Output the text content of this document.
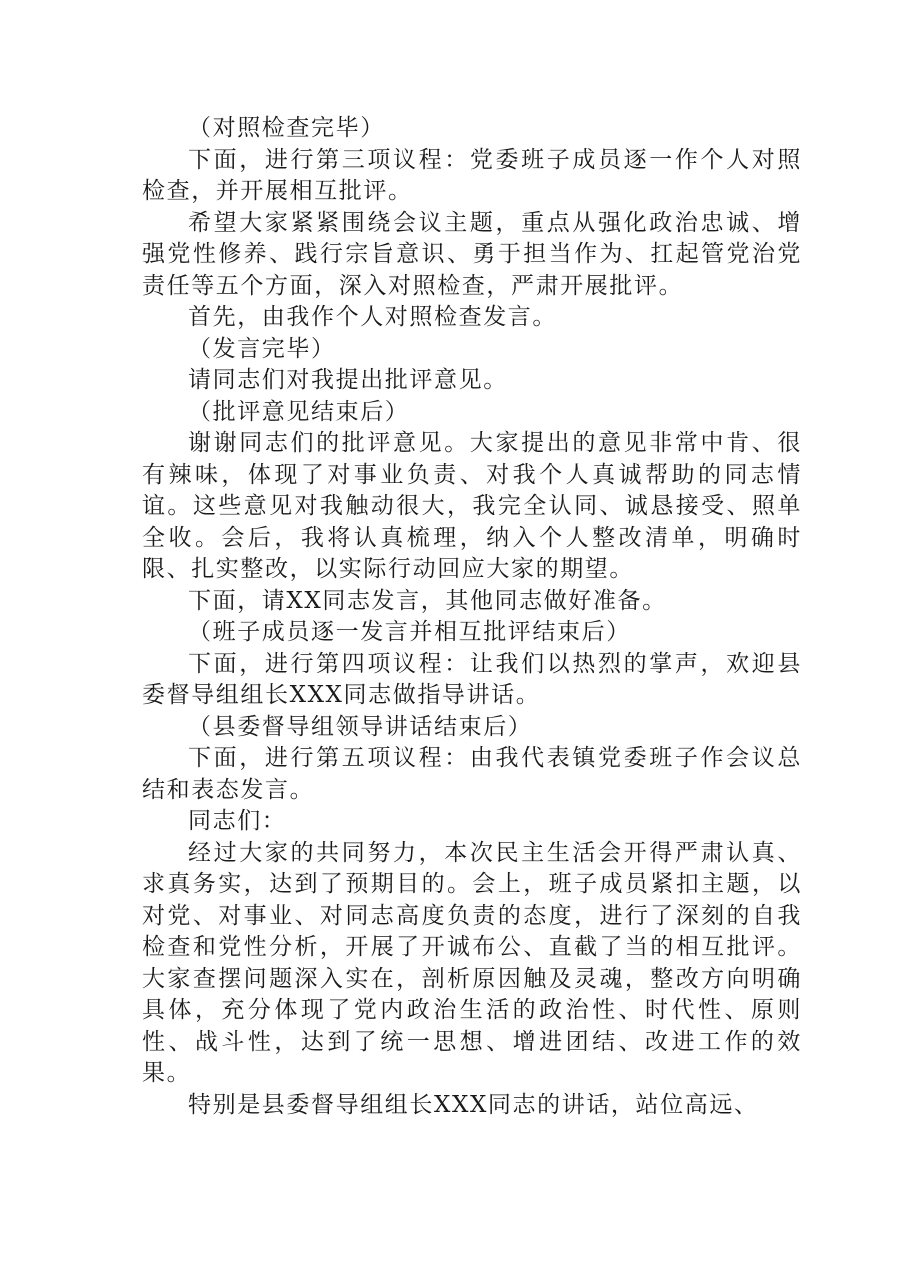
（对照检查完毕）

下面，进行第三项议程：党委班子成员逐一作个人对照检查，并开展相互批评。

希望大家紧紧围绕会议主题，重点从强化政治忠诚、增强党性修养、践行宗旨意识、勇于担当作为、扛起管党治党责任等五个方面，深入对照检查，严肃开展批评。

首先，由我作个人对照检查发言。

（发言完毕）

请同志们对我提出批评意见。

（批评意见结束后）

谢谢同志们的批评意见。大家提出的意见非常中肯、很有辣味，体现了对事业负责、对我个人真诚帮助的同志情谊。这些意见对我触动很大，我完全认同、诚恳接受、照单全收。会后，我将认真梳理，纳入个人整改清单，明确时限、扎实整改，以实际行动回应大家的期望。

下面，请XX同志发言，其他同志做好准备。

（班子成员逐一发言并相互批评结束后）

下面，进行第四项议程：让我们以热烈的掌声，欢迎县委督导组组长XXX同志做指导讲话。

（县委督导组领导讲话结束后）

下面，进行第五项议程：由我代表镇党委班子作会议总结和表态发言。

同志们：

经过大家的共同努力，本次民主生活会开得严肃认真、求真务实，达到了预期目的。会上，班子成员紧扣主题，以对党、对事业、对同志高度负责的态度，进行了深刻的自我检查和党性分析，开展了开诚布公、直截了当的相互批评。大家查摆问题深入实在，剖析原因触及灵魂，整改方向明确具体，充分体现了党内政治生活的政治性、时代性、原则性、战斗性，达到了统一思想、增进团结、改进工作的效果。

特别是县委督导组组长XXX同志的讲话，站位高远、
